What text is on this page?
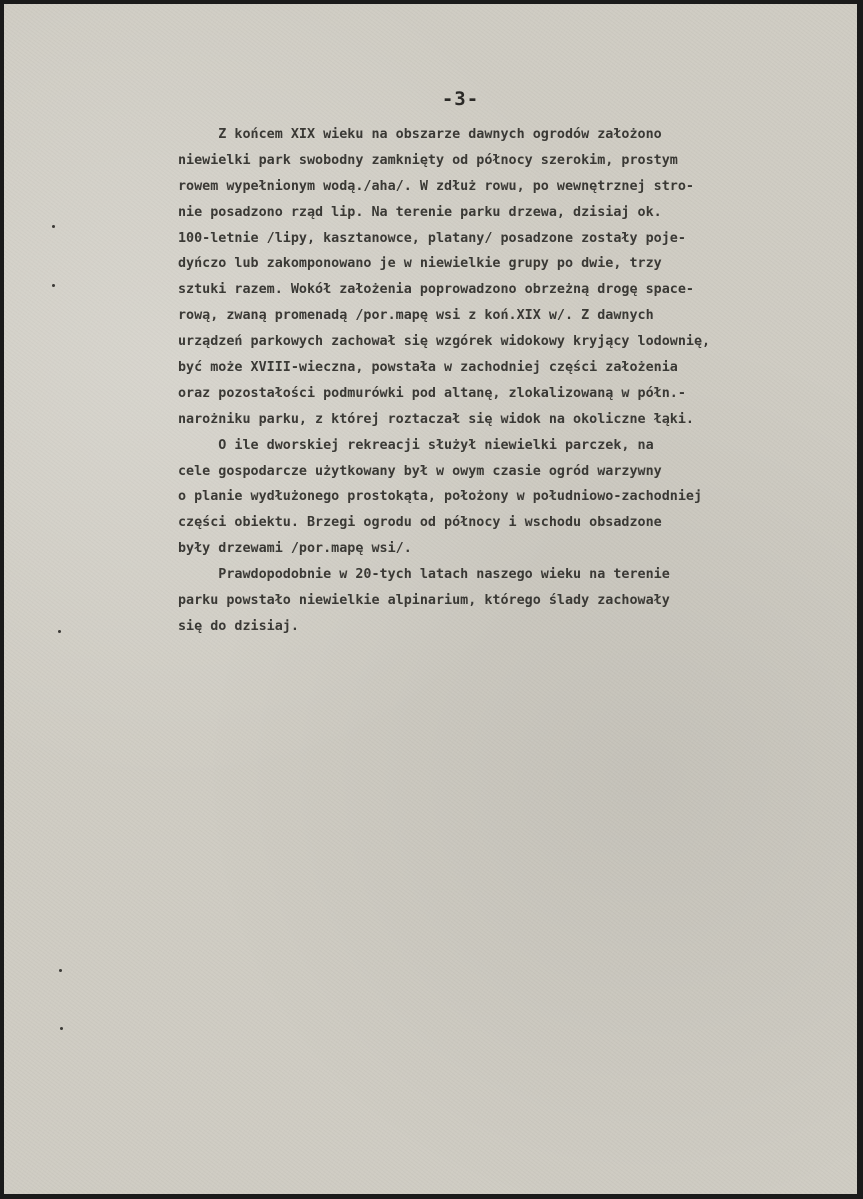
-3-
Z końcem XIX wieku na obszarze dawnych ogrodów założono
niewielki park swobodny zamknięty od północy szerokim, prostym
rowem wypełnionym wodą./aha/. W zdłuż rowu, po wewnętrznej stro-
nie posadzono rząd lip. Na terenie parku drzewa, dzisiaj ok.
100-letnie /lipy, kasztanowce, platany/ posadzone zostały poje-
dyńczo lub zakomponowano je w niewielkie grupy po dwie, trzy
sztuki razem. Wokół założenia poprowadzono obrzeżną drogę space-
rową, zwaną promenadą /por.mapę wsi z koń.XIX w/. Z dawnych
urządzeń parkowych zachował się wzgórek widokowy kryjący lodownię,
być może XVIII-wieczna, powstała w zachodniej części założenia
oraz pozostałości podmurówki pod altanę, zlokalizowaną w półn.-
narożniku parku, z której roztaczał się widok na okoliczne łąki.
O ile dworskiej rekreacji służył niewielki parczek, na
cele gospodarcze użytkowany był w owym czasie ogród warzywny
o planie wydłużonego prostokąta, położony w południowo-zachodniej
części obiektu. Brzegi ogrodu od północy i wschodu obsadzone
były drzewami /por.mapę wsi/.
Prawdopodobnie w 20-tych latach naszego wieku na terenie
parku powstało niewielkie alpinarium, którego ślady zachowały
się do dzisiaj.
